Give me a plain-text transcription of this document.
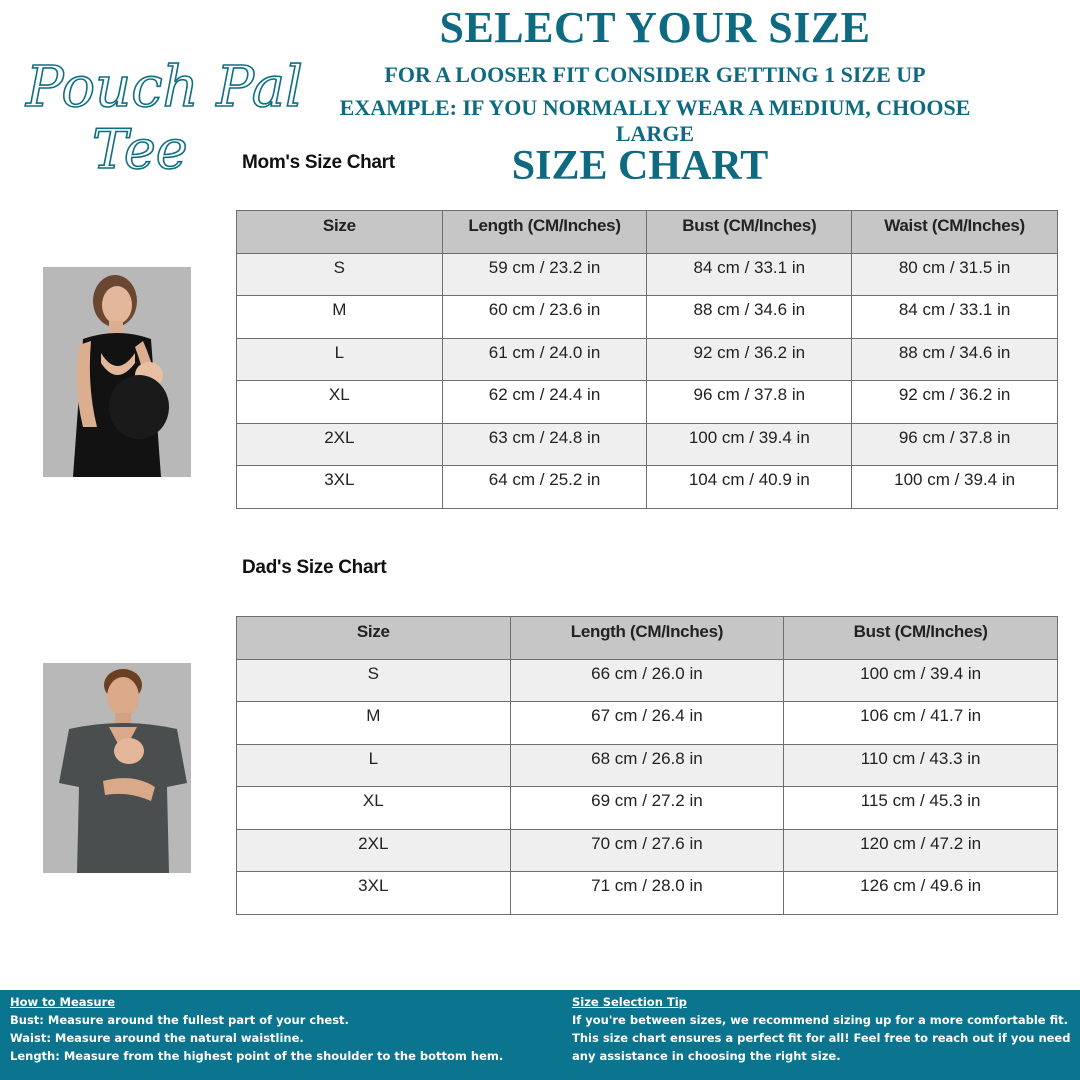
Pouch Pal
Tee
SELECT YOUR SIZE
FOR A LOOSER FIT CONSIDER GETTING 1 SIZE UP
EXAMPLE: IF YOU NORMALLY WEAR A MEDIUM, CHOOSE LARGE
SIZE CHART
Mom's Size Chart
Size	Length (CM/Inches)	Bust (CM/Inches)	Waist (CM/Inches)
S	59 cm / 23.2 in	84 cm / 33.1 in	80 cm / 31.5 in
M	60 cm / 23.6 in	88 cm / 34.6 in	84 cm / 33.1 in
L	61 cm / 24.0 in	92 cm / 36.2 in	88 cm / 34.6 in
XL	62 cm / 24.4 in	96 cm / 37.8 in	92 cm / 36.2 in
2XL	63 cm / 24.8 in	100 cm / 39.4 in	96 cm / 37.8 in
3XL	64 cm / 25.2 in	104 cm / 40.9 in	100 cm / 39.4 in
Dad's Size Chart
Size	Length (CM/Inches)	Bust (CM/Inches)
S	66 cm / 26.0 in	100 cm / 39.4 in
M	67 cm / 26.4 in	106 cm / 41.7 in
L	68 cm / 26.8 in	110 cm / 43.3 in
XL	69 cm / 27.2 in	115 cm / 45.3 in
2XL	70 cm / 27.6 in	120 cm / 47.2 in
3XL	71 cm / 28.0 in	126 cm / 49.6 in
How to Measure
Bust: Measure around the fullest part of your chest.
Waist: Measure around the natural waistline.
Length: Measure from the highest point of the shoulder to the bottom hem.
Size Selection Tip
If you're between sizes, we recommend sizing up for a more comfortable fit.
This size chart ensures a perfect fit for all! Feel free to reach out if you need any assistance in choosing the right size.
